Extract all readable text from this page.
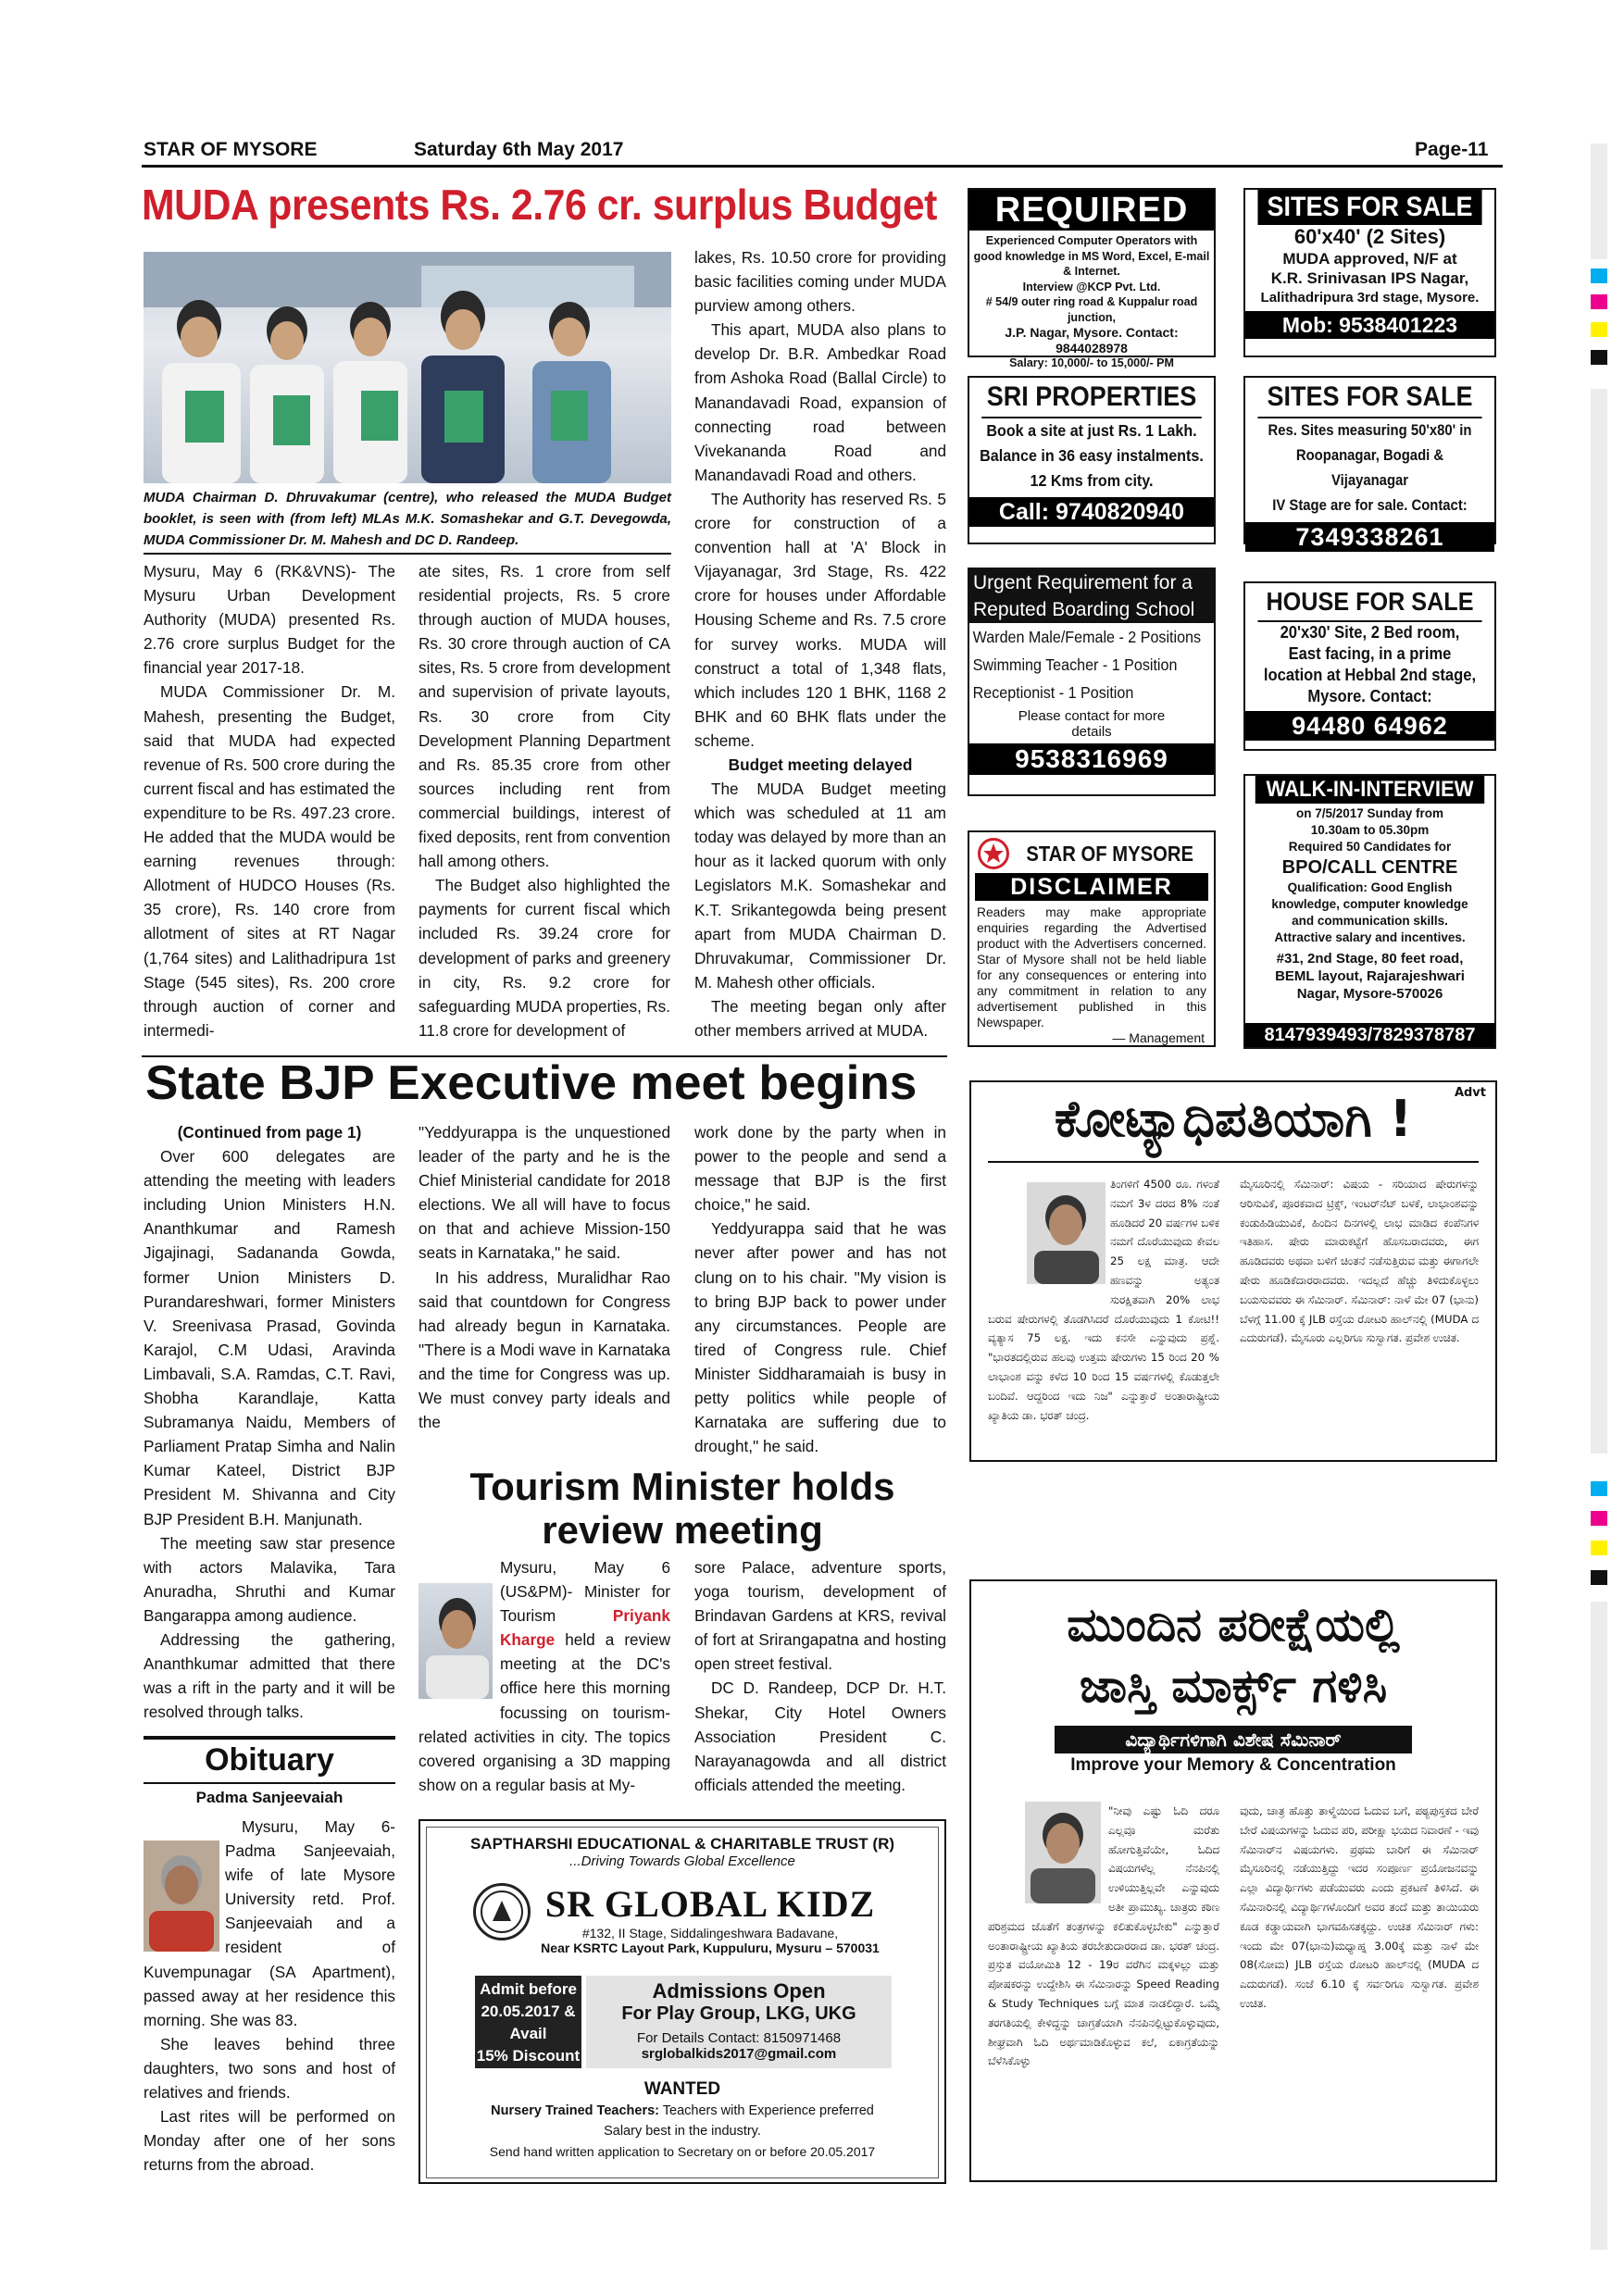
STAR OF MYSORE	Saturday 6th May 2017	Page-11
MUDA presents Rs. 2.76 cr. surplus Budget
MUDA Chairman D. Dhruvakumar (centre), who released the MUDA Budget booklet, is seen with (from left) MLAs M.K. Somashekar and G.T. Devegowda, MUDA Commissioner Dr. M. Mahesh and DC D. Randeep.

Mysuru, May 6 (RK&VNS)- The Mysuru Urban Development Authority (MUDA) presented Rs. 2.76 crore surplus Budget for the financial year 2017-18.

MUDA Commissioner Dr. M. Mahesh, presenting the Budget, said that MUDA had expected revenue of Rs. 500 crore during the current fiscal and has estimated the expenditure to be Rs. 497.23 crore. He added that the MUDA would be earning revenues through: Allotment of HUDCO Houses (Rs. 35 crore), Rs. 140 crore from allotment of sites at RT Nagar (1,764 sites) and Lalithadripura 1st Stage (545 sites), Rs. 200 crore through auction of corner and intermedi-

ate sites, Rs. 1 crore from self residential projects, Rs. 5 crore through auction of MUDA houses, Rs. 30 crore through auction of CA sites, Rs. 5 crore from development and supervision of private layouts, Rs. 30 crore from City Development Planning Department and Rs. 85.35 crore from other sources including rent from commercial buildings, interest of fixed deposits, rent from convention hall among others.

The Budget also highlighted the payments for current fiscal which included Rs. 39.24 crore for development of parks and greenery in city, Rs. 9.2 crore for safeguarding MUDA properties, Rs. 11.8 crore for development of

lakes, Rs. 10.50 crore for providing basic facilities coming under MUDA purview among others.

This apart, MUDA also plans to develop Dr. B.R. Ambedkar Road from Ashoka Road (Ballal Circle) to Manandavadi Road, expansion of connecting road between Vivekananda Road and Manandavadi Road and others.

The Authority has reserved Rs. 5 crore for construction of a convention hall at 'A' Block in Vijayanagar, 3rd Stage, Rs. 422 crore for houses under Affordable Housing Scheme and Rs. 7.5 crore for survey works. MUDA will construct a total of 1,348 flats, which includes 120 1 BHK, 1168 2 BHK and 60 BHK flats under the scheme.

Budget meeting delayed

The MUDA Budget meeting which was scheduled at 11 am today was delayed by more than an hour as it lacked quorum with only Legislators M.K. Somashekar and K.T. Srikantegowda being present apart from MUDA Chairman D. Dhruvakumar, Commissioner Dr. M. Mahesh other officials.

The meeting began only after other members arrived at MUDA.

State BJP Executive meet begins

(Continued from page 1)

Over 600 delegates are attending the meeting with leaders including Union Ministers H.N. Ananthkumar and Ramesh Jigajinagi, Sadananda Gowda, former Union Ministers D. Purandareshwari, former Ministers V. Sreenivasa Prasad, Govinda Karajol, C.M Udasi, Aravinda Limbavali, S.A. Ramdas, C.T. Ravi, Shobha Karandlaje, Katta Subramanya Naidu, Members of Parliament Pratap Simha and Nalin Kumar Kateel, District BJP President M. Shivanna and City BJP President B.H. Manjunath.

The meeting saw star presence with actors Malavika, Tara Anuradha, Shruthi and Kumar Bangarappa among audience.

Addressing the gathering, Ananthkumar admitted that there was a rift in the party and it will be resolved through talks.

"Yeddyurappa is the unquestioned leader of the party and he is the Chief Ministerial candidate for 2018 elections. We all will have to focus on that and achieve Mission-150 seats in Karnataka," he said.

In his address, Muralidhar Rao said that countdown for Congress had already begun in Karnataka. "There is a Modi wave in Karnataka and the time for Congress was up. We must convey party ideals and the

work done by the party when in power to the people and send a message that BJP is the first choice," he said.

Yeddyurappa said that he was never after power and has not clung on to his chair. "My vision is to bring BJP back to power under any circumstances. People are tired of Congress rule. Chief Minister Siddharamaiah is busy in petty politics while people of Karnataka are suffering due to drought," he said.

Tourism Minister holds
review meeting
Mysuru, May 6 (US&PM)- Minister for Tourism	Priyank Kharge held a review meeting at the DC's office here this morning focussing on tourism-related activities in city. The topics covered organising a 3D mapping show on a regular basis at My-

sore Palace, adventure sports, yoga tourism, development of Brindavan Gardens at KRS, revival of fort at Srirangapatna and hosting open street festival.

DC D. Randeep, DCP Dr. H.T. Shekar, City Hotel Owners Association President C. Narayanagowda and all district officials attended the meeting.

Obituary
Padma Sanjeevaiah

Mysuru, May 6- Padma Sanjeevaiah, wife of late Mysore University retd. Prof. Sanjeevaiah and a resident of Kuvempunagar (SA Apartment), passed away at her residence this morning. She was 83.

She leaves behind three daughters, two sons and host of relatives and friends.

Last rites will be performed on Monday after one of her sons returns from the abroad.

SAPTHARSHI EDUCATIONAL & CHARITABLE TRUST (R)
...Driving Towards Global Excellence
SR GLOBAL KIDZ
#132, II Stage, Siddalingeshwara Badavane,
Near KSRTC Layout Park, Kuppuluru, Mysuru – 570031
Admit before
20.05.2017 &
Avail
15% Discount
Admissions Open
For Play Group, LKG, UKG
For Details Contact: 8150971468
srglobalkids2017@gmail.com
WANTED
Nursery Trained Teachers: Teachers with Experience preferred
Salary best in the industry.
Send hand written application to Secretary on or before 20.05.2017
REQUIRED
Experienced Computer Operators with good knowledge in MS Word, Excel, E-mail & Internet.
Interview @KCP Pvt. Ltd.
# 54/9 outer ring road & Kuppalur road junction,
J.P. Nagar, Mysore. Contact: 9844028978
Salary: 10,000/- to 15,000/- PM
SITES FOR SALE
60'x40' (2 Sites)
MUDA approved, N/F at
K.R. Srinivasan IPS Nagar,
Lalithadripura 3rd stage, Mysore.
Mob: 9538401223
SRI PROPERTIES
Book a site at just Rs. 1 Lakh.
Balance in 36 easy instalments.
12 Kms from city.
Call: 9740820940
SITES FOR SALE
Res. Sites measuring 50'x80' in
Roopanagar, Bogadi & Vijayanagar
IV Stage are for sale. Contact:
7349338261
Urgent Requirement for a
Reputed Boarding School
Warden Male/Female - 2 Positions
Swimming Teacher - 1 Position
Receptionist - 1 Position
Please contact for more details
9538316969
HOUSE FOR SALE
20'x30' Site, 2 Bed room,
East facing, in a prime
location at Hebbal 2nd stage,
Mysore. Contact:
94480 64962
STAR OF MYSORE
DISCLAIMER
Readers may make appropriate enquiries regarding the Advertised product with the Advertisers concerned. Star of Mysore shall not be held liable for any consequences or entering into any commitment in relation to any advertisement published in this Newspaper.
— Management
WALK-IN-INTERVIEW
on 7/5/2017 Sunday from
10.30am to 05.30pm
Required 50 Candidates for
BPO/CALL CENTRE
Qualification: Good English
knowledge, computer knowledge
and communication skills.
Attractive salary and incentives.
#31, 2nd Stage, 80 feet road,
BEML layout, Rajarajeshwari
Nagar, Mysore-570026
8147939493/7829378787
Advt
ಕೋಟ್ಯಾಧಿಪತಿಯಾಗಿ !
ತಿಂಗಳಿಗೆ 4500 ರೂ. ಗಳಂತೆ ನಮಗೆ 3ಳ ದರದ 8% ನಂತೆ ಹೂಡಿದರೆ 20 ವರ್ಷಗಳ ಬಳಿಕ ನಮಗೆ ದೊರೆಯುವುದು ಕೇವಲ 25 ಲಕ್ಷ ಮಾತ್ರ. ಆದೇ ಹಣವನ್ನು ಅತ್ಯಂತ ಸುರಕ್ಷಿತವಾಗಿ 20% ಲಾಭ ಬರುವ ಷೇರುಗಳಲ್ಲಿ ತೊಡಗಿಸಿದರೆ ದೊರೆಯುವುದು 1 ಕೋಟಿ!! ವ್ಯತ್ಯಾಸ 75 ಲಕ್ಷ. ಇದು ಕನಸೇ ಎನ್ನುವುದು ಪ್ರಶ್ನೆ. "ಭಾರತದಲ್ಲಿರುವ ಹಲವು ಉತ್ತಮ ಷೇರುಗಳು 15 ರಿಂದ 20 % ಲಾಭಾಂಶ ವನ್ನು ಕಳೆದ 10 ರಿಂದ 15 ವರ್ಷಗಳಲ್ಲಿ ಕೊಡುತ್ತಲೇ ಬಂದಿವೆ. ಆದ್ದರಿಂದ ಇದು ನಿಜ" ಎನ್ನುತ್ತಾರೆ ಅಂತಾರಾಷ್ಟ್ರೀಯ ಖ್ಯಾತಿಯ ಡಾ. ಭರತ್ ಚಂದ್ರ.
ಮೈಸೂರಿನಲ್ಲಿ ಸೆಮಿನಾರ್: ವಿಷಯ - ಸರಿಯಾದ ಷೇರುಗಳನ್ನು ಆರಿಸುವಿಕೆ, ಪೂರಕವಾದ ಟ್ರಿಕ್ಸ್, ಇಂಟರ್‌ನೆಟ್ ಬಳಕೆ, ಲಾಭಾಂಶವನ್ನು ಕಂಡುಹಿಡಿಯುವಿಕೆ, ಹಿಂದಿನ ದಿನಗಳಲ್ಲಿ ಲಾಭ ಮಾಡಿದ ಕಂಪೆನಿಗಳ ಇತಿಹಾಸ. ಷೇರು ಮಾರುಕಟ್ಟೆಗೆ ಹೊಸಬರಾದವರು, ಈಗ ಹೂಡಿದವರು ಅಥವಾ ಬಳಿಗೆ ಚಿಂತನೆ ನಡೆಸುತ್ತಿರುವ ಮತ್ತು ಈಗಾಗಲೇ ಷೇರು ಹೂಡಿಕೆದಾರರಾದವರು. ಇದಲ್ಲದೆ ಹೆಚ್ಚು ತಿಳಿದುಕೊಳ್ಳಲು ಬಯಸುವವರು ಈ ಸೆಮಿನಾರ್. ಸೆಮಿನಾರ್: ನಾಳೆ ಮೇ 07 (ಭಾನು) ಬೆಳಗ್ಗೆ 11.00 ಕ್ಕೆ JLB ರಸ್ತೆಯ ರೋಟರಿ ಹಾಲ್‌ನಲ್ಲಿ (MUDA ದ ಎದುರುಗಡೆ). ಮೈಸೂರು ಎಲ್ಲರಿಗೂ ಸುಸ್ವಾಗತ. ಪ್ರವೇಶ ಉಚಿತ.
ಮುಂದಿನ ಪರೀಕ್ಷೆಯಲ್ಲಿ
ಜಾಸ್ತಿ ಮಾರ್ಕ್ಸ್ ಗಳಿಸಿ
ವಿದ್ಯಾರ್ಥಿಗಳಿಗಾಗಿ ವಿಶೇಷ ಸೆಮಿನಾರ್
Improve your Memory & Concentration
"ನೀವು ಎಷ್ಟು ಓದಿ ದರೂ ಎಲ್ಲವೂ ಮರೆತು ಹೋಗುತ್ತಿವೆಯೇ, ಓದಿದ ವಿಷಯಗಳೆಲ್ಲ ನೆನಪಿನಲ್ಲಿ ಉಳಿಯುತ್ತಿಲ್ಲವೇ ಎನ್ನುವುದು ಅತೀ ಪ್ರಾಮುಖ್ಯ. ಚಾತ್ರರು ಕಠಿಣ ಪರಿಶ್ರಮದ ಜೊತೆಗೆ ತಂತ್ರಗಳನ್ನು ಕಲಿತುಕೊಳ್ಳಬೇಕು" ಎನ್ನುತ್ತಾರೆ ಅಂತಾರಾಷ್ಟ್ರೀಯ ಖ್ಯಾತಿಯ ತರಬೇತುದಾರರಾದ ಡಾ. ಭರತ್ ಚಂದ್ರ. ಪ್ರಸ್ತುತ ವಯೋಮಿತಿ 12 - 19ರ ವರೆಗಿನ ಮಕ್ಕಳಲ್ಲು ಮತ್ತು ಪೋಷಕರನ್ನು ಉದ್ದೇಶಿಸಿ ಈ ಸೆಮಿನಾರನ್ನು Speed Reading & Study Techniques ಬಗ್ಗೆ ಮಾತ ನಾಡಲಿದ್ದಾರೆ. ಒಮ್ಮೆ ತರಗತಿಯಲ್ಲಿ ಕೇಳಿದ್ದನ್ನು ಚಾಗ್ರತೆಯಾಗಿ ನೆನಪಿನಲ್ಲಿಟ್ಟುಕೊಳ್ಳುವುದು, ಶೀಘ್ರವಾಗಿ ಓದಿ ಅರ್ಥಮಾಡಿಕೊಳ್ಳುವ ಕಲೆ, ಏಕಾಗ್ರತೆಯನ್ನು ಬೆಳೆಸಿಕೊಳ್ಳು
ವುದು, ಚಾತ್ರ ಹೊತ್ತು ತಾಳ್ಮೆಯಿಂದ ಓದುವ ಬಗೆ, ಪಠ್ಯಪುಸ್ತಕದ ಬೇರೆ ಬೇರೆ ವಿಷಯಗಳನ್ನು ಓದುವ ಪರಿ, ಪರೀಕ್ಷಾ ಭಯದ ನಿವಾರಣೆ - ಇವು ಸೆಮಿನಾರ್‌ನ ವಿಷಯಗಳು. ಪ್ರಥಮ ಬಾರಿಗೆ ಈ ಸೆಮಿನಾರ್ ಮೈಸೂರಿನಲ್ಲಿ ನಡೆಯುತ್ತಿದ್ದು ಇದರ ಸಂಪೂರ್ಣ ಪ್ರಯೋಜನವನ್ನು ಎಲ್ಲಾ ವಿದ್ಯಾರ್ಥಿಗಳು ಪಡೆಯುವರು ಎಂದು ಪ್ರಕಟಣೆ ತಿಳಿಸಿದೆ. ಈ ಸೆಮಿನಾರಿನಲ್ಲಿ ವಿದ್ಯಾರ್ಥಿಗಳೊಂದಿಗೆ ಅವರ ತಂದೆ ಮತ್ತು ತಾಯಿಯರು ಕೂಡ ಕಡ್ಡಾಯವಾಗಿ ಭಾಗವಹಿಸತಕ್ಕದ್ದು. ಉಚಿತ ಸೆಮಿನಾರ್ ಗಳು: ಇಂದು ಮೇ 07(ಭಾನು)ಮಧ್ಯಾಹ್ನ 3.00ಕ್ಕೆ ಮತ್ತು ನಾಳೆ ಮೇ 08(ಸೋಮ) JLB ರಸ್ತೆಯ ರೋಟರಿ ಹಾಲ್‌ನಲ್ಲಿ (MUDA ದ ಎದುರುಗಡೆ). ಸಂಜೆ 6.10 ಕ್ಕೆ ಸರ್ವರಿಗೂ ಸುಸ್ವಾಗತ. ಪ್ರವೇಶ ಉಚಿತ.
